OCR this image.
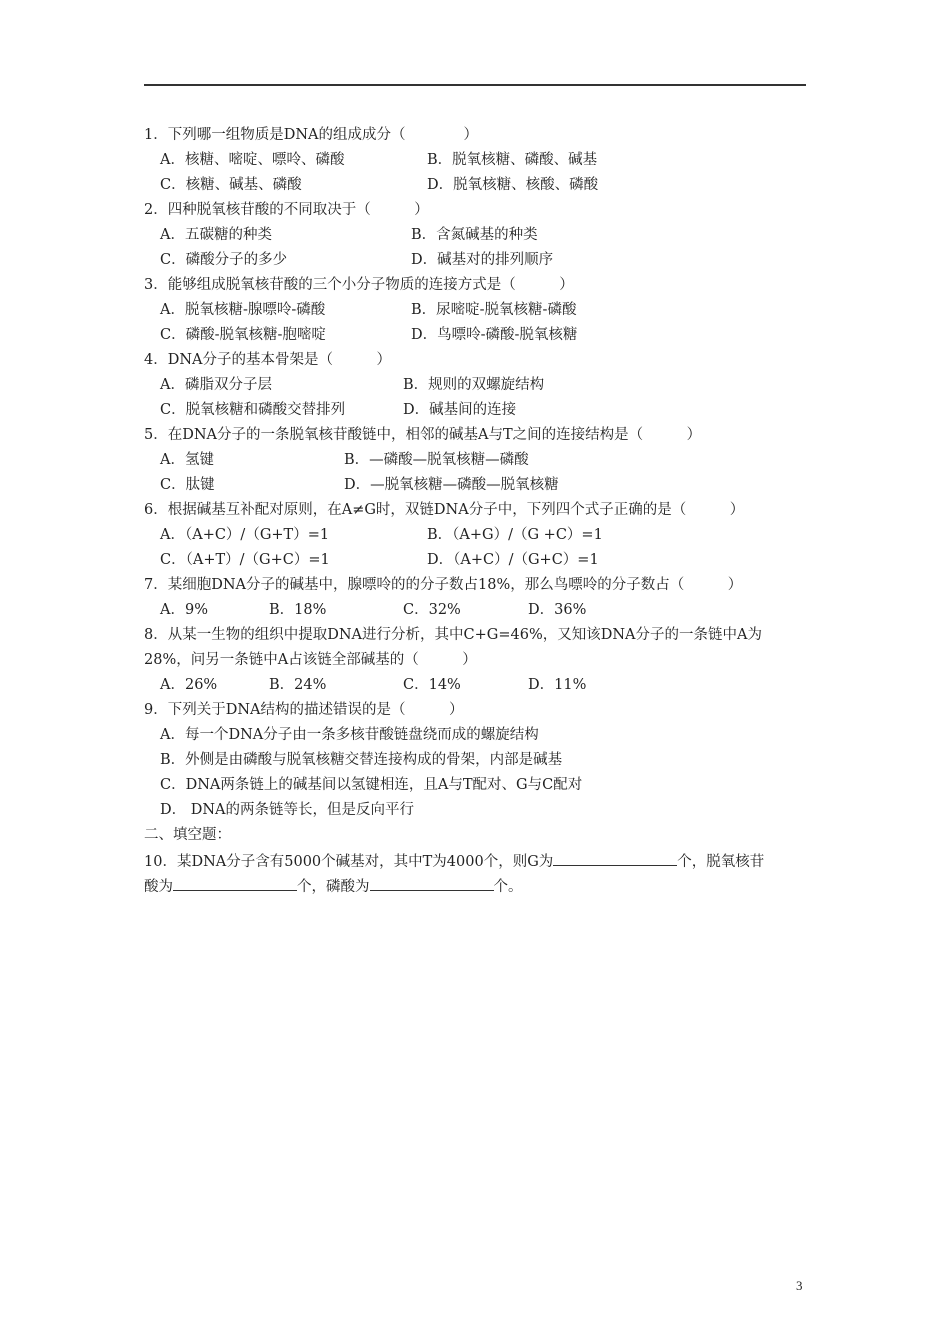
1．下列哪一组物质是DNA的组成成分（　　　　）
A．核糖、嘧啶、嘌呤、磷酸	B．脱氧核糖、磷酸、碱基
C．核糖、碱基、磷酸	D．脱氧核糖、核酸、磷酸
2．四种脱氧核苷酸的不同取决于（　　　）
A．五碳糖的种类	B．含氮碱基的种类
C．磷酸分子的多少	D．碱基对的排列顺序
3．能够组成脱氧核苷酸的三个小分子物质的连接方式是（　　　）
A．脱氧核糖-腺嘌呤-磷酸	B．尿嘧啶-脱氧核糖-磷酸
C．磷酸-脱氧核糖-胞嘧啶	D．鸟嘌呤-磷酸-脱氧核糖
4．DNA分子的基本骨架是（　　　）
A．磷脂双分子层	B．规则的双螺旋结构
C．脱氧核糖和磷酸交替排列	D．碱基间的连接
5．在DNA分子的一条脱氧核苷酸链中，相邻的碱基A与T之间的连接结构是（　　　）
A．氢键	B．—磷酸—脱氧核糖—磷酸
C．肽键	D．—脱氧核糖—磷酸—脱氧核糖
6．根据碱基互补配对原则，在A≠G时，双链DNA分子中，下列四个式子正确的是（　　　）
A．（A+C）/（G+T）=1	B．（A+G）/（G +C）=1
C．（A+T）/（G+C）=1	D．（A+C）/（G+C）=1
7．某细胞DNA分子的碱基中，腺嘌呤的的分子数占18%，那么鸟嘌呤的分子数占（　　　）
A．9%	B．18%	C．32%	D．36%
8．从某一生物的组织中提取DNA进行分析，其中C+G=46%，又知该DNA分子的一条链中A为
28%，问另一条链中A占该链全部碱基的（　　　）
A．26%	B．24%	C．14%	D．11%
9．下列关于DNA结构的描述错误的是（　　　）
A．每一个DNA分子由一条多核苷酸链盘绕而成的螺旋结构
B．外侧是由磷酸与脱氧核糖交替连接构成的骨架，内部是碱基
C．DNA两条链上的碱基间以氢键相连，且A与T配对、G与C配对
D． DNA的两条链等长，但是反向平行
二、填空题：
10．某DNA分子含有5000个碱基对，其中T为4000个，则G为	个，脱氧核苷
酸为	个，磷酸为	个。
3
